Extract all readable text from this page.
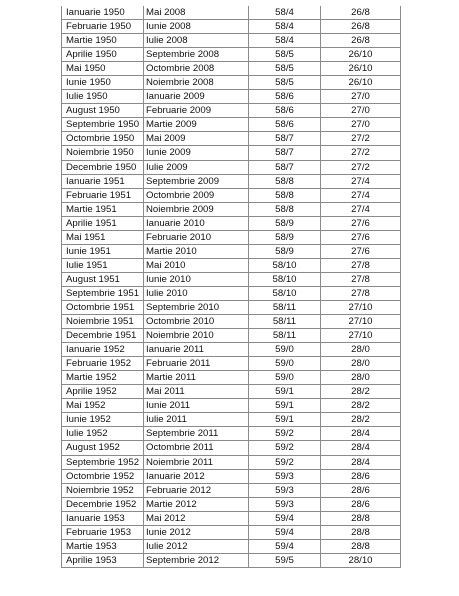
Ianuarie 1950	Mai 2008	58/4	26/8
Februarie 1950	Iunie 2008	58/4	26/8
Martie 1950	Iulie 2008	58/4	26/8
Aprilie 1950	Septembrie 2008	58/5	26/10
Mai 1950	Octombrie 2008	58/5	26/10
Iunie 1950	Noiembrie 2008	58/5	26/10
Iulie 1950	Ianuarie 2009	58/6	27/0
August 1950	Februarie 2009	58/6	27/0
Septembrie 1950	Martie 2009	58/6	27/0
Octombrie 1950	Mai 2009	58/7	27/2
Noiembrie 1950	Iunie 2009	58/7	27/2
Decembrie 1950	Iulie 2009	58/7	27/2
Ianuarie 1951	Septembrie 2009	58/8	27/4
Februarie 1951	Octombrie 2009	58/8	27/4
Martie 1951	Noiembrie 2009	58/8	27/4
Aprilie 1951	Ianuarie 2010	58/9	27/6
Mai 1951	Februarie 2010	58/9	27/6
Iunie 1951	Martie 2010	58/9	27/6
Iulie 1951	Mai 2010	58/10	27/8
August 1951	Iunie 2010	58/10	27/8
Septembrie 1951	Iulie 2010	58/10	27/8
Octombrie 1951	Septembrie 2010	58/11	27/10
Noiembrie 1951	Octombrie 2010	58/11	27/10
Decembrie 1951	Noiembrie 2010	58/11	27/10
Ianuarie 1952	Ianuarie 2011	59/0	28/0
Februarie 1952	Februarie 2011	59/0	28/0
Martie 1952	Martie 2011	59/0	28/0
Aprilie 1952	Mai 2011	59/1	28/2
Mai 1952	Iunie 2011	59/1	28/2
Iunie 1952	Iulie 2011	59/1	28/2
Iulie 1952	Septembrie 2011	59/2	28/4
August 1952	Octombrie 2011	59/2	28/4
Septembrie 1952	Noiembrie 2011	59/2	28/4
Octombrie 1952	Ianuarie 2012	59/3	28/6
Noiembrie 1952	Februarie 2012	59/3	28/6
Decembrie 1952	Martie 2012	59/3	28/6
Ianuarie 1953	Mai 2012	59/4	28/8
Februarie 1953	Iunie 2012	59/4	28/8
Martie 1953	Iulie 2012	59/4	28/8
Aprilie 1953	Septembrie 2012	59/5	28/10
